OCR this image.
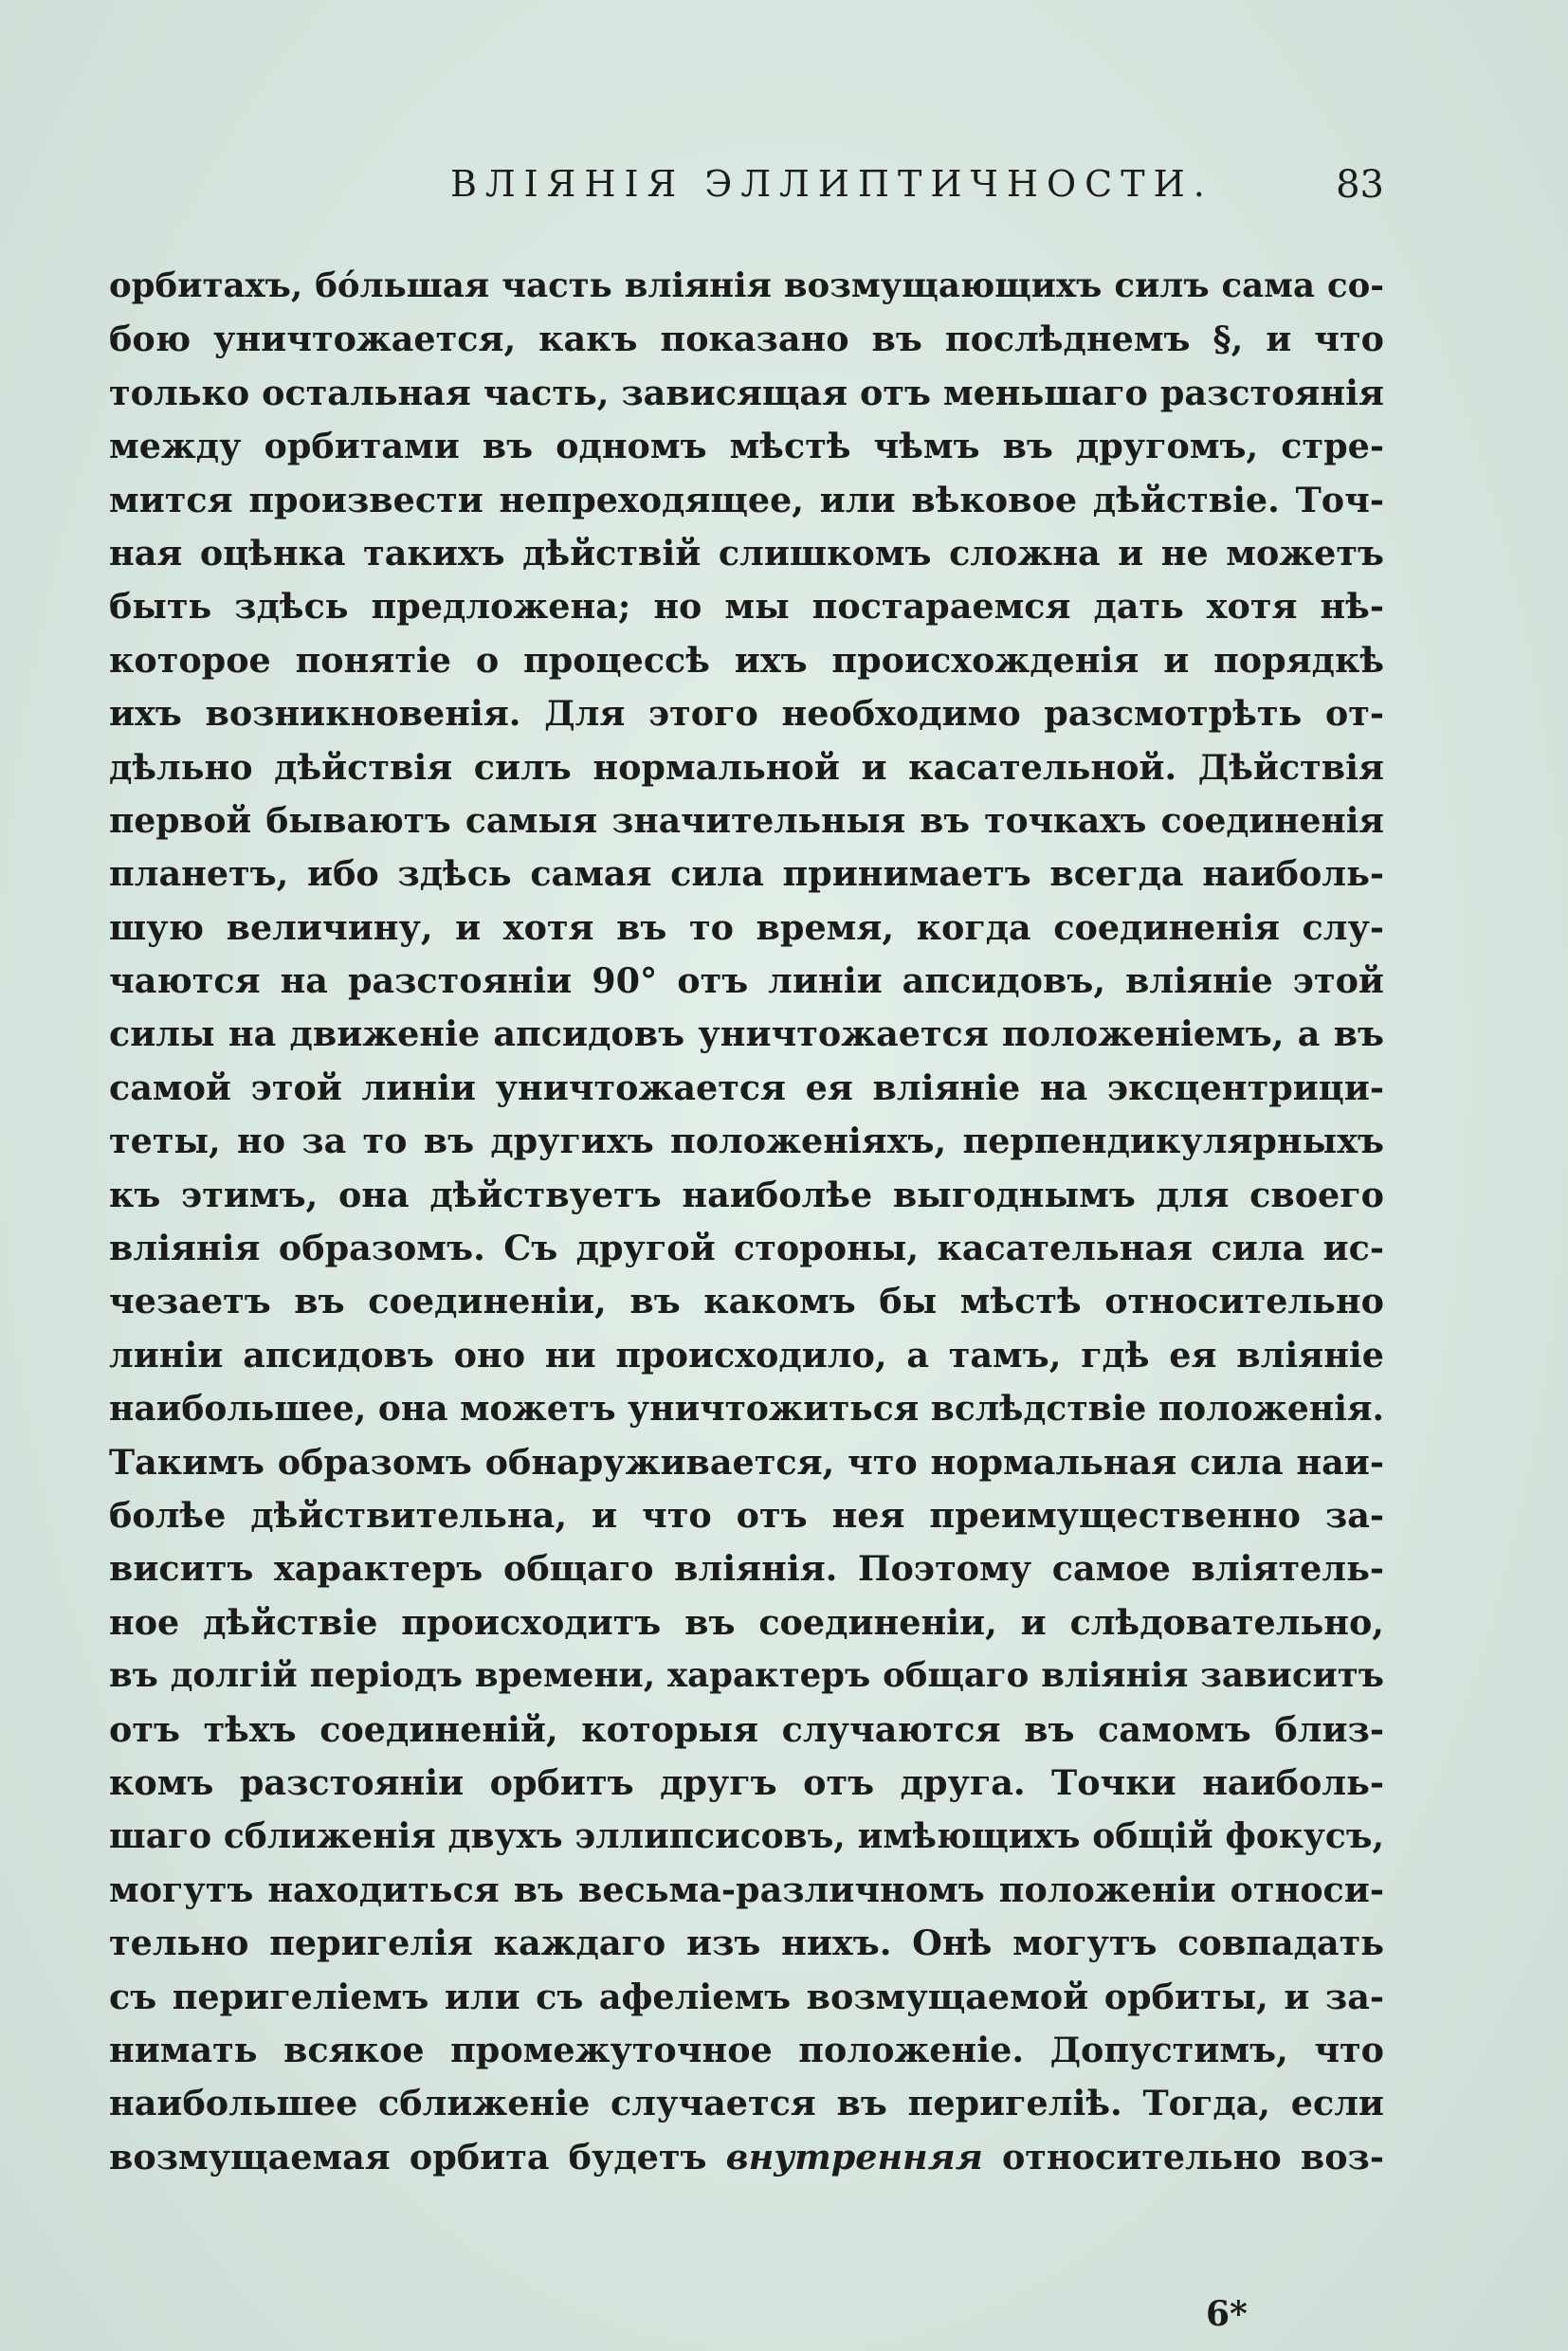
ВЛІЯНІЯ ЭЛЛИПТИЧНОСТИ.	83
орбитахъ, бóльшая часть вліянія возмущающихъ силъ сама со-
бою уничтожается, какъ показано въ послѣднемъ §, и что
только остальная часть, зависящая отъ меньшаго разстоянія
между орбитами въ одномъ мѣстѣ чѣмъ въ другомъ, стре-
мится произвести непреходящее, или вѣковое дѣйствіе. Точ-
ная оцѣнка такихъ дѣйствій слишкомъ сложна и не можетъ
быть здѣсь предложена; но мы постараемся дать хотя нѣ-
которое понятіе о процессѣ ихъ происхожденія и порядкѣ
ихъ возникновенія. Для этого необходимо разсмотрѣть от-
дѣльно дѣйствія силъ нормальной и касательной. Дѣйствія
первой бываютъ самыя значительныя въ точкахъ соединенія
планетъ, ибо здѣсь самая сила принимаетъ всегда наиболь-
шую величину, и хотя въ то время, когда соединенія слу-
чаются на разстояніи 90° отъ линіи апсидовъ, вліяніе этой
силы на движеніе апсидовъ уничтожается положеніемъ, а въ
самой этой линіи уничтожается ея вліяніе на эксцентрици-
теты, но за то въ другихъ положеніяхъ, перпендикулярныхъ
къ этимъ, она дѣйствуетъ наиболѣе выгоднымъ для своего
вліянія образомъ. Съ другой стороны, касательная сила ис-
чезаетъ въ соединеніи, въ какомъ бы мѣстѣ относительно
линіи апсидовъ оно ни происходило, а тамъ, гдѣ ея вліяніе
наибольшее, она можетъ уничтожиться вслѣдствіе положенія.
Такимъ образомъ обнаруживается, что нормальная сила наи-
болѣе дѣйствительна, и что отъ нея преимущественно за-
виситъ характеръ общаго вліянія. Поэтому самое вліятель-
ное дѣйствіе происходитъ въ соединеніи, и слѣдовательно,
въ долгій періодъ времени, характеръ общаго вліянія зависитъ
отъ тѣхъ соединеній, которыя случаются въ самомъ близ-
комъ разстояніи орбитъ другъ отъ друга. Точки наиболь-
шаго сближенія двухъ эллипсисовъ, имѣющихъ общій фокусъ,
могутъ находиться въ весьма-различномъ положеніи относи-
тельно перигелія каждаго изъ нихъ. Онѣ могутъ совпадать
съ перигеліемъ или съ афеліемъ возмущаемой орбиты, и за-
нимать всякое промежуточное положеніе. Допустимъ, что
наибольшее сближеніе случается въ перигеліѣ. Тогда, если
возмущаемая орбита будетъ внутренняя относительно воз-
6*
